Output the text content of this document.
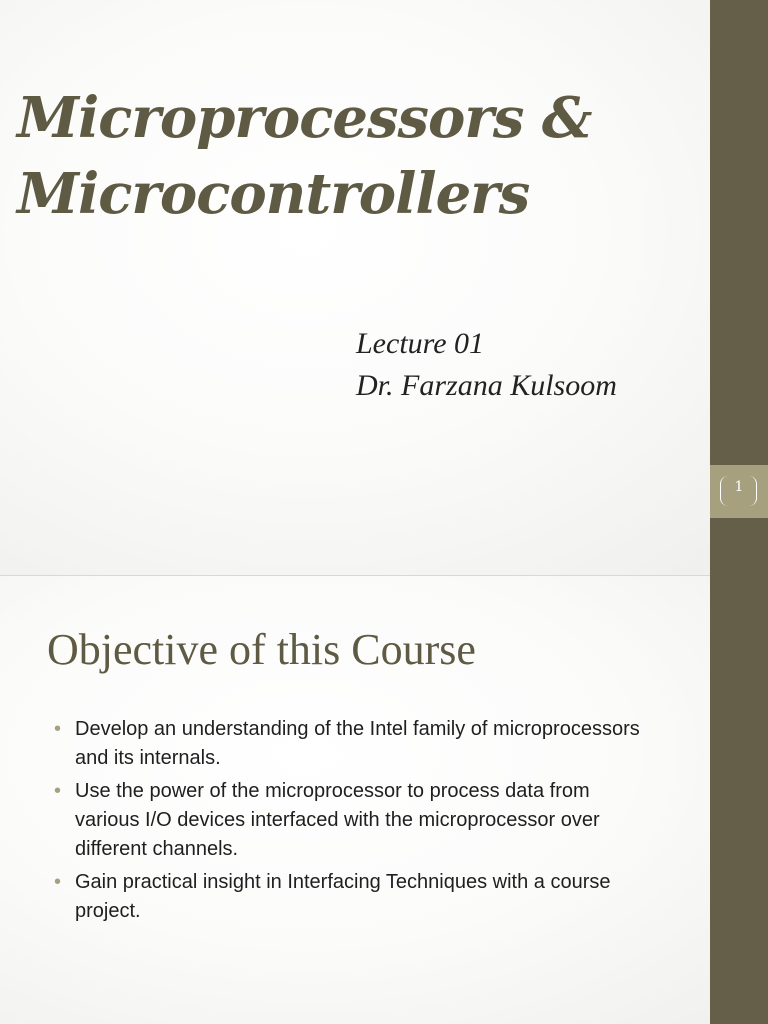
Microprocessors &
Microcontrollers
Lecture 01
Dr. Farzana Kulsoom
Objective of this Course
• Develop an understanding of the Intel family of microprocessors and its internals.
• Use the power of the microprocessor to process data from various I/O devices interfaced with the microprocessor over different channels.
• Gain practical insight in Interfacing Techniques with a course project.
1
